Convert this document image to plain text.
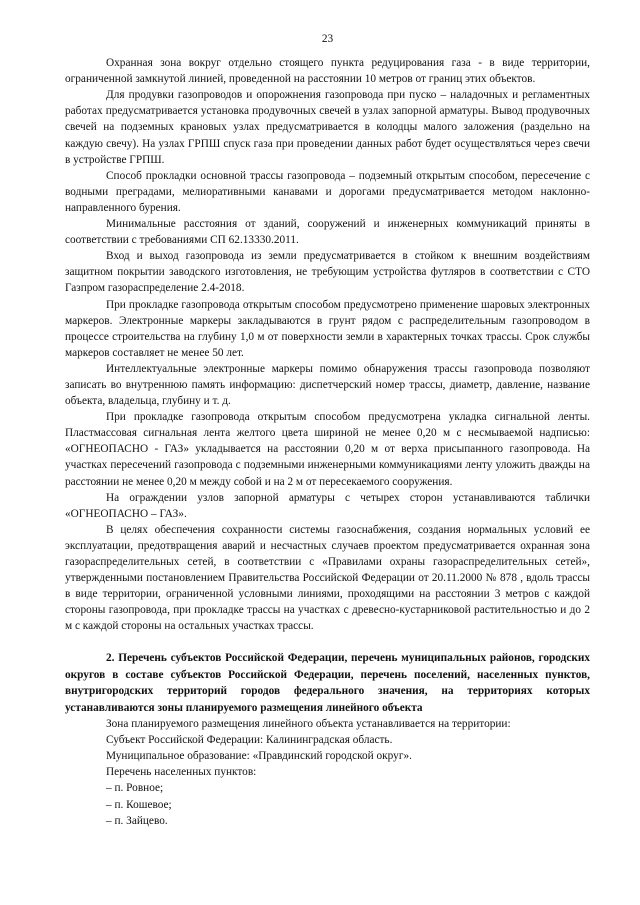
23

Охранная зона вокруг отдельно стоящего пункта редуцирования газа - в виде территории, ограниченной замкнутой линией, проведенной на расстоянии 10 метров от границ этих объектов.

Для продувки газопроводов и опорожнения газопровода при пуско – наладочных и регламентных работах предусматривается установка продувочных свечей в узлах запорной арматуры. Вывод продувочных свечей на подземных крановых узлах предусматривается в колодцы малого заложения (раздельно на каждую свечу). На узлах ГРПШ спуск газа при проведении данных работ будет осуществляться через свечи в устройстве ГРПШ.

Способ прокладки основной трассы газопровода – подземный открытым способом, пересечение с водными преградами, мелиоративными канавами и дорогами предусматривается методом наклонно-направленного бурения.

Минимальные расстояния от зданий, сооружений и инженерных коммуникаций приняты в соответствии с требованиями СП 62.13330.2011.

Вход и выход газопровода из земли предусматривается в стойком к внешним воздействиям защитном покрытии заводского изготовления, не требующим устройства футляров в соответствии с СТО Газпром газораспределение 2.4-2018.

При прокладке газопровода открытым способом предусмотрено применение шаровых электронных маркеров. Электронные маркеры закладываются в грунт рядом с распределительным газопроводом в процессе строительства на глубину 1,0 м от поверхности земли в характерных точках трассы. Срок службы маркеров составляет не менее 50 лет.

Интеллектуальные электронные маркеры помимо обнаружения трассы газопровода позволяют записать во внутреннюю память информацию: диспетчерский номер трассы, диаметр, давление, название объекта, владельца, глубину и т. д.

При прокладке газопровода открытым способом предусмотрена укладка сигнальной ленты. Пластмассовая сигнальная лента желтого цвета шириной не менее 0,20 м с несмываемой надписью: «ОГНЕОПАСНО - ГАЗ» укладывается на расстоянии 0,20 м от верха присыпанного газопровода. На участках пересечений газопровода с подземными инженерными коммуникациями ленту уложить дважды на расстоянии не менее 0,20 м между собой и на 2 м от пересекаемого сооружения.

На ограждении узлов запорной арматуры с четырех сторон устанавливаются таблички «ОГНЕОПАСНО – ГАЗ».

В целях обеспечения сохранности системы газоснабжения, создания нормальных условий ее эксплуатации, предотвращения аварий и несчастных случаев проектом предусматривается охранная зона газораспределительных сетей, в соответствии с «Правилами охраны газораспределительных сетей», утвержденными постановлением Правительства Российской Федерации от 20.11.2000 № 878 , вдоль трассы в виде территории, ограниченной условными линиями, проходящими на расстоянии 3 метров с каждой стороны газопровода, при прокладке трассы на участках с древесно-кустарниковой растительностью и до 2 м с каждой стороны на остальных участках трассы.

2. Перечень субъектов Российской Федерации, перечень муниципальных районов, городских округов в составе субъектов Российской Федерации, перечень поселений, населенных пунктов, внутригородских территорий городов федерального значения, на территориях которых устанавливаются зоны планируемого размещения линейного объекта

Зона планируемого размещения линейного объекта устанавливается на территории:

Субъект Российской Федерации: Калининградская область.

Муниципальное образование: «Правдинский городской округ».

Перечень населенных пунктов:

– п. Ровное;
– п. Кошевое;
– п. Зайцево.
